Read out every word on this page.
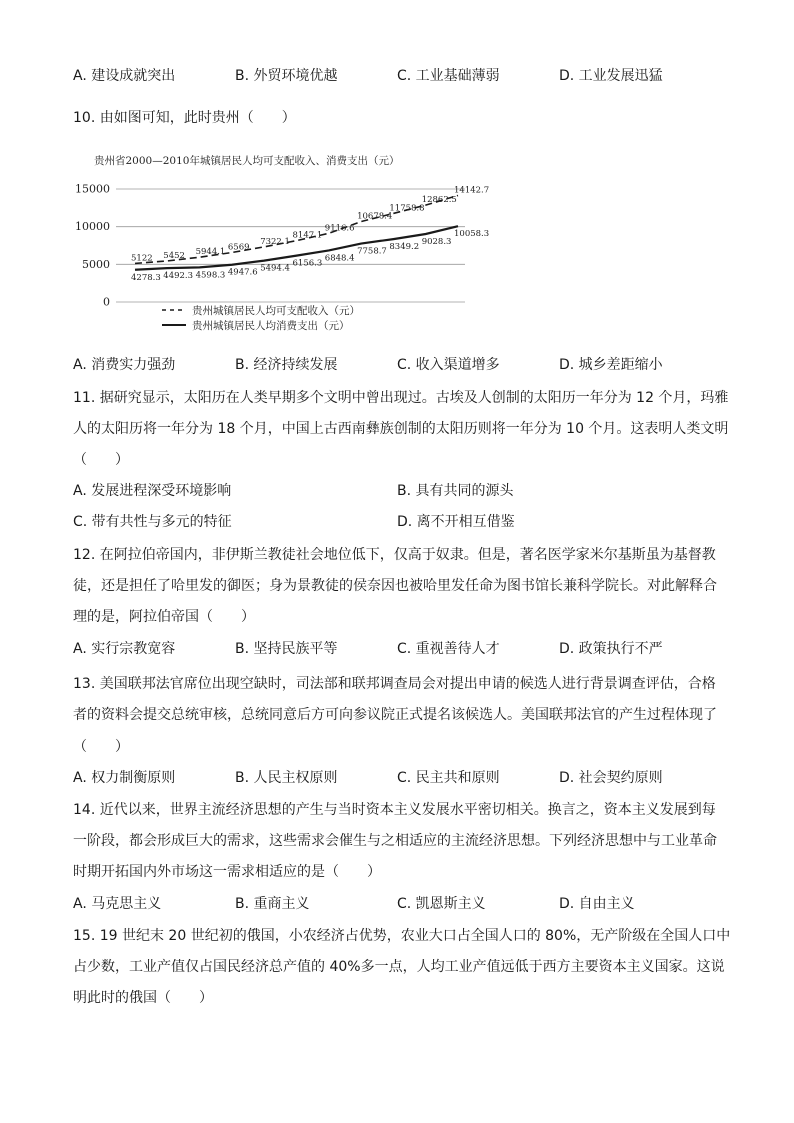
A. 建设成就突出	B. 外贸环境优越	C. 工业基础薄弱	D. 工业发展迅猛
10. 由如图可知，此时贵州（　　）
贵州省2000—2010年城镇居民人均可支配收入、消费支出（元）
15000
10000
5000
0
5122 5452 5944.1 6569
7322.1
8147.1
9116.6
10678.4
11758.8
12862.5
14142.7
4278.3 4492.3 4598.3 4947.6 5494.4 6156.3
6848.4
7758.7 8349.2
9028.3
10058.3
贵州城镇居民人均可支配收入（元）
贵州城镇居民人均消费支出（元）
A. 消费实力强劲	B. 经济持续发展	C. 收入渠道增多	D. 城乡差距缩小
11. 据研究显示，太阳历在人类早期多个文明中曾出现过。古埃及人创制的太阳历一年分为 12 个月，玛雅
人的太阳历将一年分为 18 个月，中国上古西南彝族创制的太阳历则将一年分为 10 个月。这表明人类文明
（　　）
A. 发展进程深受环境影响	B. 具有共同的源头
C. 带有共性与多元的特征	D. 离不开相互借鉴
12. 在阿拉伯帝国内，非伊斯兰教徒社会地位低下，仅高于奴隶。但是，著名医学家米尔基斯虽为基督教
徒，还是担任了哈里发的御医；身为景教徒的侯奈因也被哈里发任命为图书馆长兼科学院长。对此解释合
理的是，阿拉伯帝国（　　）
A. 实行宗教宽容	B. 坚持民族平等	C. 重视善待人才	D. 政策执行不严
13. 美国联邦法官席位出现空缺时，司法部和联邦调查局会对提出申请的候选人进行背景调查评估，合格
者的资料会提交总统审核，总统同意后方可向参议院正式提名该候选人。美国联邦法官的产生过程体现了
（　　）
A. 权力制衡原则	B. 人民主权原则	C. 民主共和原则	D. 社会契约原则
14. 近代以来，世界主流经济思想的产生与当时资本主义发展水平密切相关。换言之，资本主义发展到每
一阶段，都会形成巨大的需求，这些需求会催生与之相适应的主流经济思想。下列经济思想中与工业革命
时期开拓国内外市场这一需求相适应的是（　　）
A. 马克思主义	B. 重商主义	C. 凯恩斯主义	D. 自由主义
15. 19 世纪末 20 世纪初的俄国，小农经济占优势，农业大口占全国人口的 80%，无产阶级在全国人口中
占少数，工业产值仅占国民经济总产值的 40%多一点，人均工业产值远低于西方主要资本主义国家。这说
明此时的俄国（　　）
